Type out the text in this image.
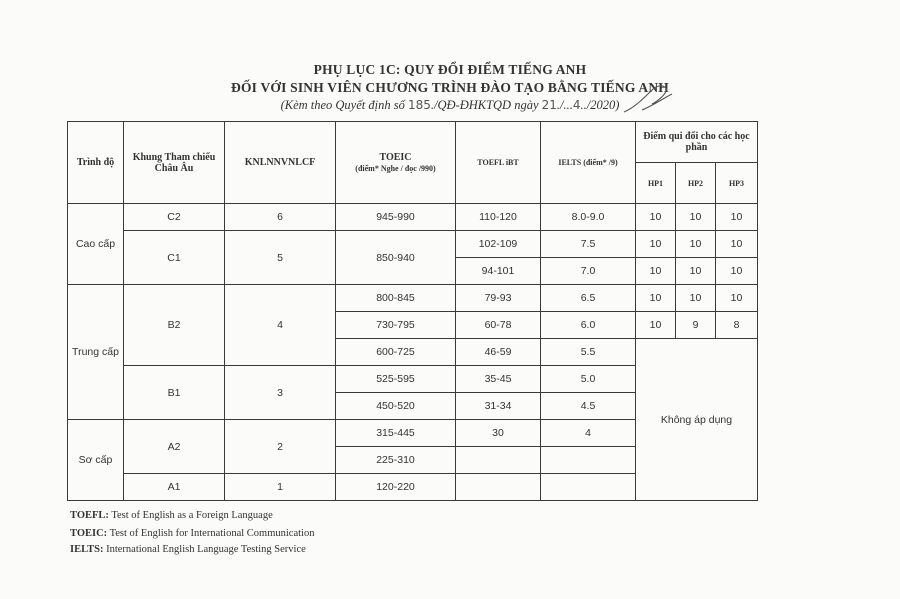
PHỤ LỤC 1C: QUY ĐỔI ĐIỂM TIẾNG ANH
ĐỐI VỚI SINH VIÊN CHƯƠNG TRÌNH ĐÀO TẠO BẰNG TIẾNG ANH
(Kèm theo Quyết định số 185./QĐ-ĐHKTQD ngày 21./...4../2020)
Trình độ	Khung Tham chiếu Châu Âu	KNLNNVNLCF	TOEIC
(điểm* Nghe / đọc /990)	TOEFL iBT	IELTS (điểm* /9)	Điểm qui đổi cho các học phần		
						HP1	HP2	HP3
Cao cấp	C2	6	945-990	110-120	8.0-9.0	10	10	10
	C1	5	850-940	102-109	7.5	10	10	10
				94-101	7.0	10	10	10
Trung cấp	B2	4	800-845	79-93	6.5	10	10	10
			730-795	60-78	6.0	10	9	8
			600-725	46-59	5.5	Không áp dụng		
	B1	3	525-595	35-45	5.0			
			450-520	31-34	4.5			
Sơ cấp	A2	2	315-445	30	4			
			225-310					
	A1	1	120-220					
TOEFL: Test of English as a Foreign Language
TOEIC: Test of English for International Communication
IELTS: International English Language Testing Service
